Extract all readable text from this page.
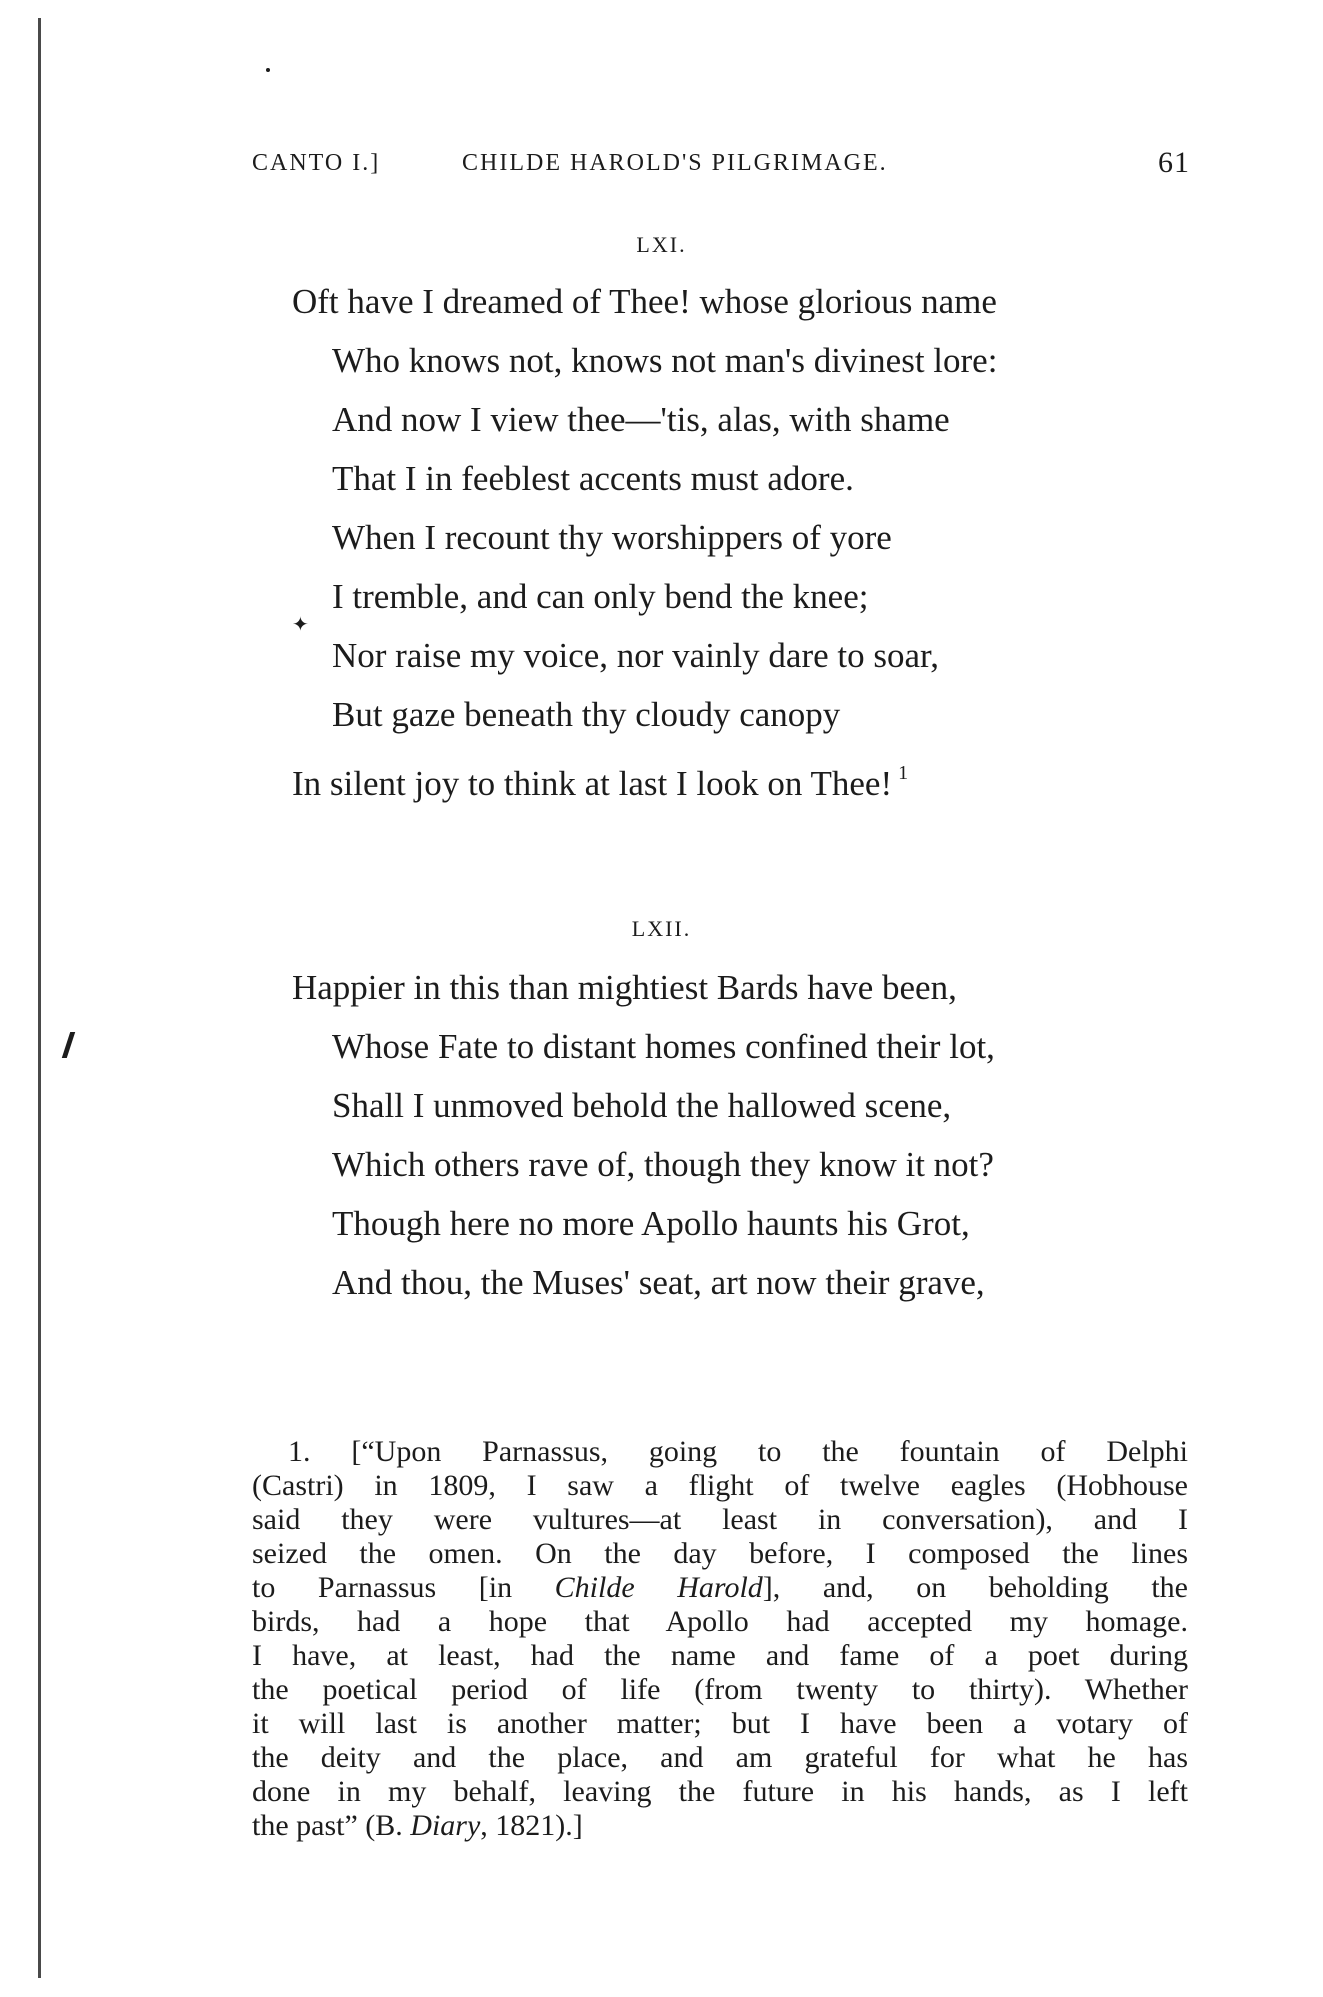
CANTO I.]	CHILDE HAROLD'S PILGRIMAGE.	61
LXI.
✦
Oft have I dreamed of Thee! whose glorious name
Who knows not, knows not man's divinest lore:
And now I view thee—'tis, alas, with shame
That I in feeblest accents must adore.
When I recount thy worshippers of yore
I tremble, and can only bend the knee;
Nor raise my voice, nor vainly dare to soar,
But gaze beneath thy cloudy canopy
In silent joy to think at last I look on Thee! $^1$
LXII.
Happier in this than mightiest Bards have been,
Whose Fate to distant homes confined their lot,
Shall I unmoved behold the hallowed scene,
Which others rave of, though they know it not?
Though here no more Apollo haunts his Grot,
And thou, the Muses' seat, art now their grave,
1. [“Upon Parnassus, going to the fountain of Delphi
(Castri) in 1809, I saw a flight of twelve eagles (Hobhouse
said they were vultures—at least in conversation), and I
seized the omen. On the day before, I composed the lines
to Parnassus [in Childe Harold], and, on beholding the
birds, had a hope that Apollo had accepted my homage.
I have, at least, had the name and fame of a poet during
the poetical period of life (from twenty to thirty). Whether
it will last is another matter; but I have been a votary of
the deity and the place, and am grateful for what he has
done in my behalf, leaving the future in his hands, as I left
the past” (B. Diary, 1821).]
